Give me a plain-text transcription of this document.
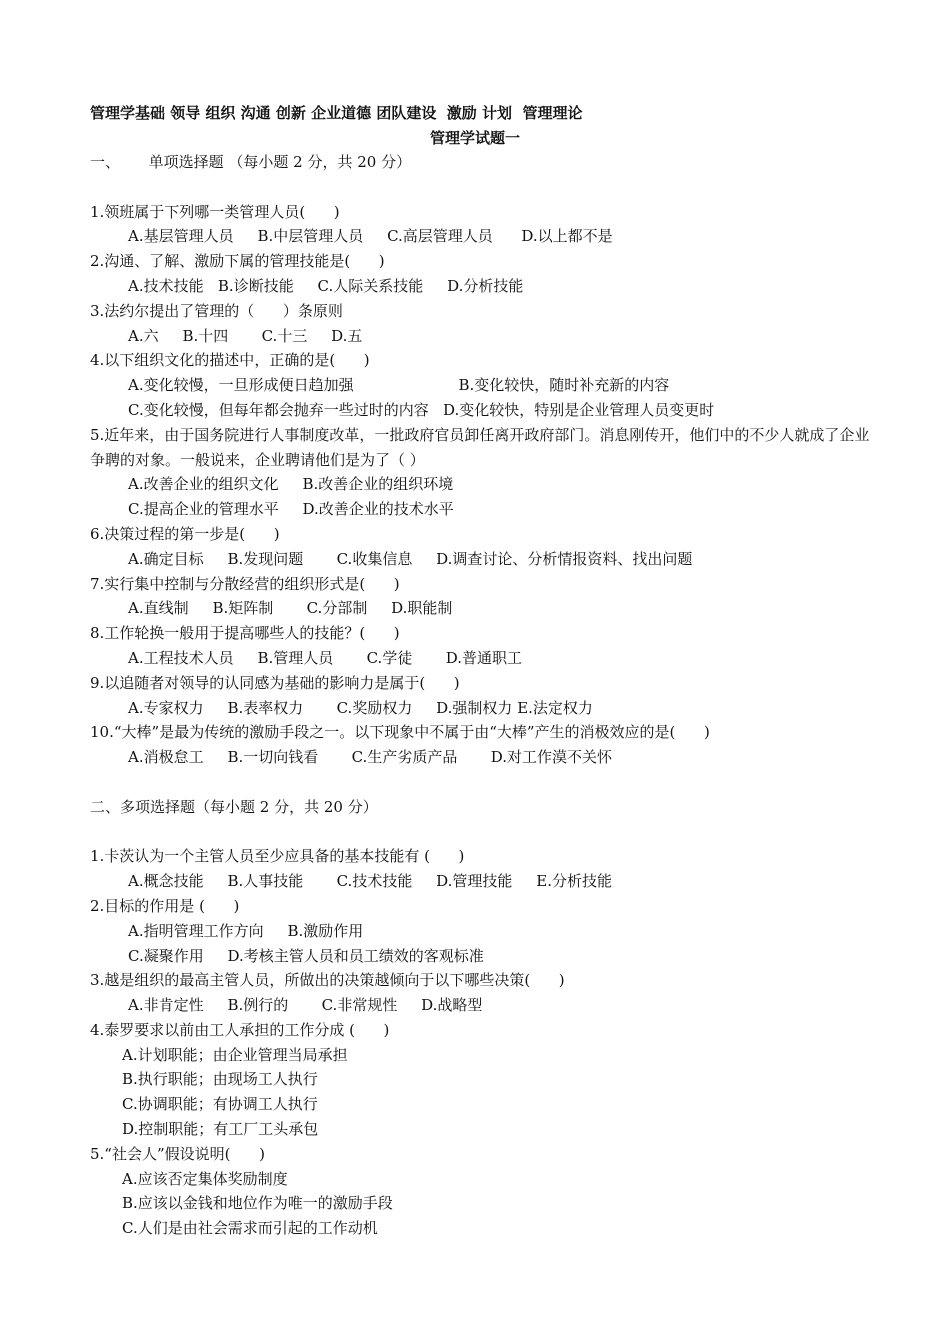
管理学基础 领导 组织 沟通 创新 企业道德 团队建设  激励 计划  管理理论
管理学试题一
一、      单项选择题 （每小题 2 分，共 20 分）
1.领班属于下列哪一类管理人员(      )
A.基层管理人员     B.中层管理人员     C.高层管理人员      D.以上都不是
2.沟通、了解、激励下属的管理技能是(      )
A.技术技能   B.诊断技能     C.人际关系技能     D.分析技能
3.法约尔提出了管理的（      ）条原则
A.六     B.十四       C.十三     D.五
4.以下组织文化的描述中，正确的是(      )
A.变化较慢，一旦形成便日趋加强                      B.变化较快，随时补充新的内容
C.变化较慢，但每年都会抛弃一些过时的内容   D.变化较快，特别是企业管理人员变更时
5.近年来，由于国务院进行人事制度改革，一批政府官员卸任离开政府部门。消息刚传开，他们中的不少人就成了企业争聘的对象。一般说来，企业聘请他们是为了（ ）
A.改善企业的组织文化     B.改善企业的组织环境
C.提高企业的管理水平     D.改善企业的技术水平
6.决策过程的第一步是(      )
A.确定目标     B.发现问题       C.收集信息     D.调查讨论、分析情报资料、找出问题
7.实行集中控制与分散经营的组织形式是(      )
A.直线制     B.矩阵制       C.分部制     D.职能制
8.工作轮换一般用于提高哪些人的技能？(      )
A.工程技术人员     B.管理人员       C.学徒       D.普通职工
9.以追随者对领导的认同感为基础的影响力是属于(      )
A.专家权力     B.表率权力       C.奖励权力     D.强制权力 E.法定权力
10.“大棒”是最为传统的激励手段之一。以下现象中不属于由“大棒”产生的消极效应的是(      )
A.消极怠工     B.一切向钱看       C.生产劣质产品       D.对工作漠不关怀
二、多项选择题（每小题 2 分，共 20 分）
1.卡茨认为一个主管人员至少应具备的基本技能有 (      )
A.概念技能     B.人事技能       C.技术技能     D.管理技能     E.分析技能
2.目标的作用是 (      )
A.指明管理工作方向     B.激励作用
C.凝聚作用     D.考核主管人员和员工绩效的客观标准
3.越是组织的最高主管人员，所做出的决策越倾向于以下哪些决策(      )
A.非肯定性     B.例行的       C.非常规性     D.战略型
4.泰罗要求以前由工人承担的工作分成 (      )
A.计划职能；由企业管理当局承担
B.执行职能；由现场工人执行
C.协调职能；有协调工人执行
D.控制职能；有工厂工头承包
5.“社会人”假设说明(      )
A.应该否定集体奖励制度
B.应该以金钱和地位作为唯一的激励手段
C.人们是由社会需求而引起的工作动机
